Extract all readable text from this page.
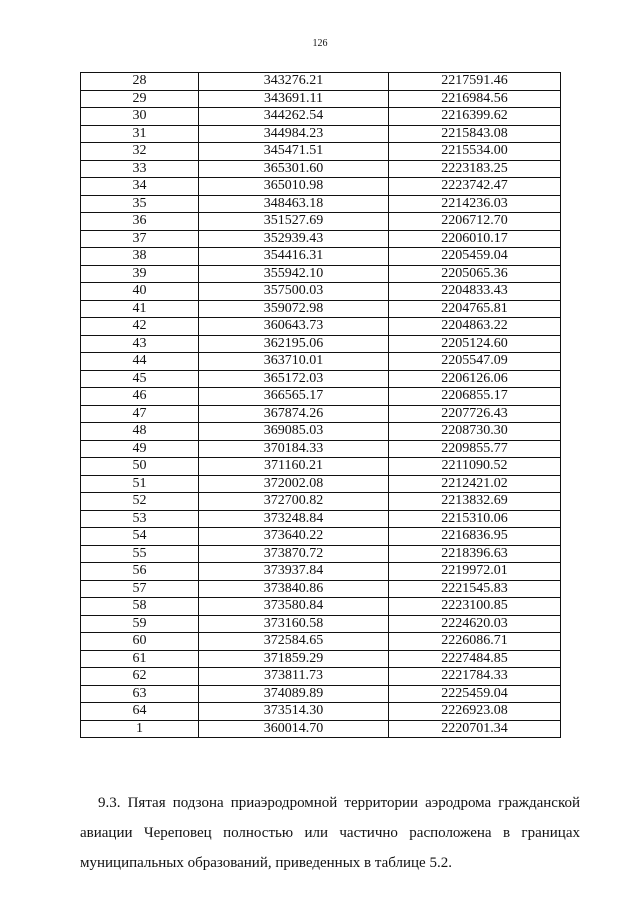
126
28	343276.21	2217591.46
29	343691.11	2216984.56
30	344262.54	2216399.62
31	344984.23	2215843.08
32	345471.51	2215534.00
33	365301.60	2223183.25
34	365010.98	2223742.47
35	348463.18	2214236.03
36	351527.69	2206712.70
37	352939.43	2206010.17
38	354416.31	2205459.04
39	355942.10	2205065.36
40	357500.03	2204833.43
41	359072.98	2204765.81
42	360643.73	2204863.22
43	362195.06	2205124.60
44	363710.01	2205547.09
45	365172.03	2206126.06
46	366565.17	2206855.17
47	367874.26	2207726.43
48	369085.03	2208730.30
49	370184.33	2209855.77
50	371160.21	2211090.52
51	372002.08	2212421.02
52	372700.82	2213832.69
53	373248.84	2215310.06
54	373640.22	2216836.95
55	373870.72	2218396.63
56	373937.84	2219972.01
57	373840.86	2221545.83
58	373580.84	2223100.85
59	373160.58	2224620.03
60	372584.65	2226086.71
61	371859.29	2227484.85
62	373811.73	2221784.33
63	374089.89	2225459.04
64	373514.30	2226923.08
1	360014.70	2220701.34

9.3. Пятая подзона приаэродромной территории аэродрома гражданской
авиации Череповец полностью или частично расположена в границах
муниципальных образований, приведенных в таблице 5.2.
